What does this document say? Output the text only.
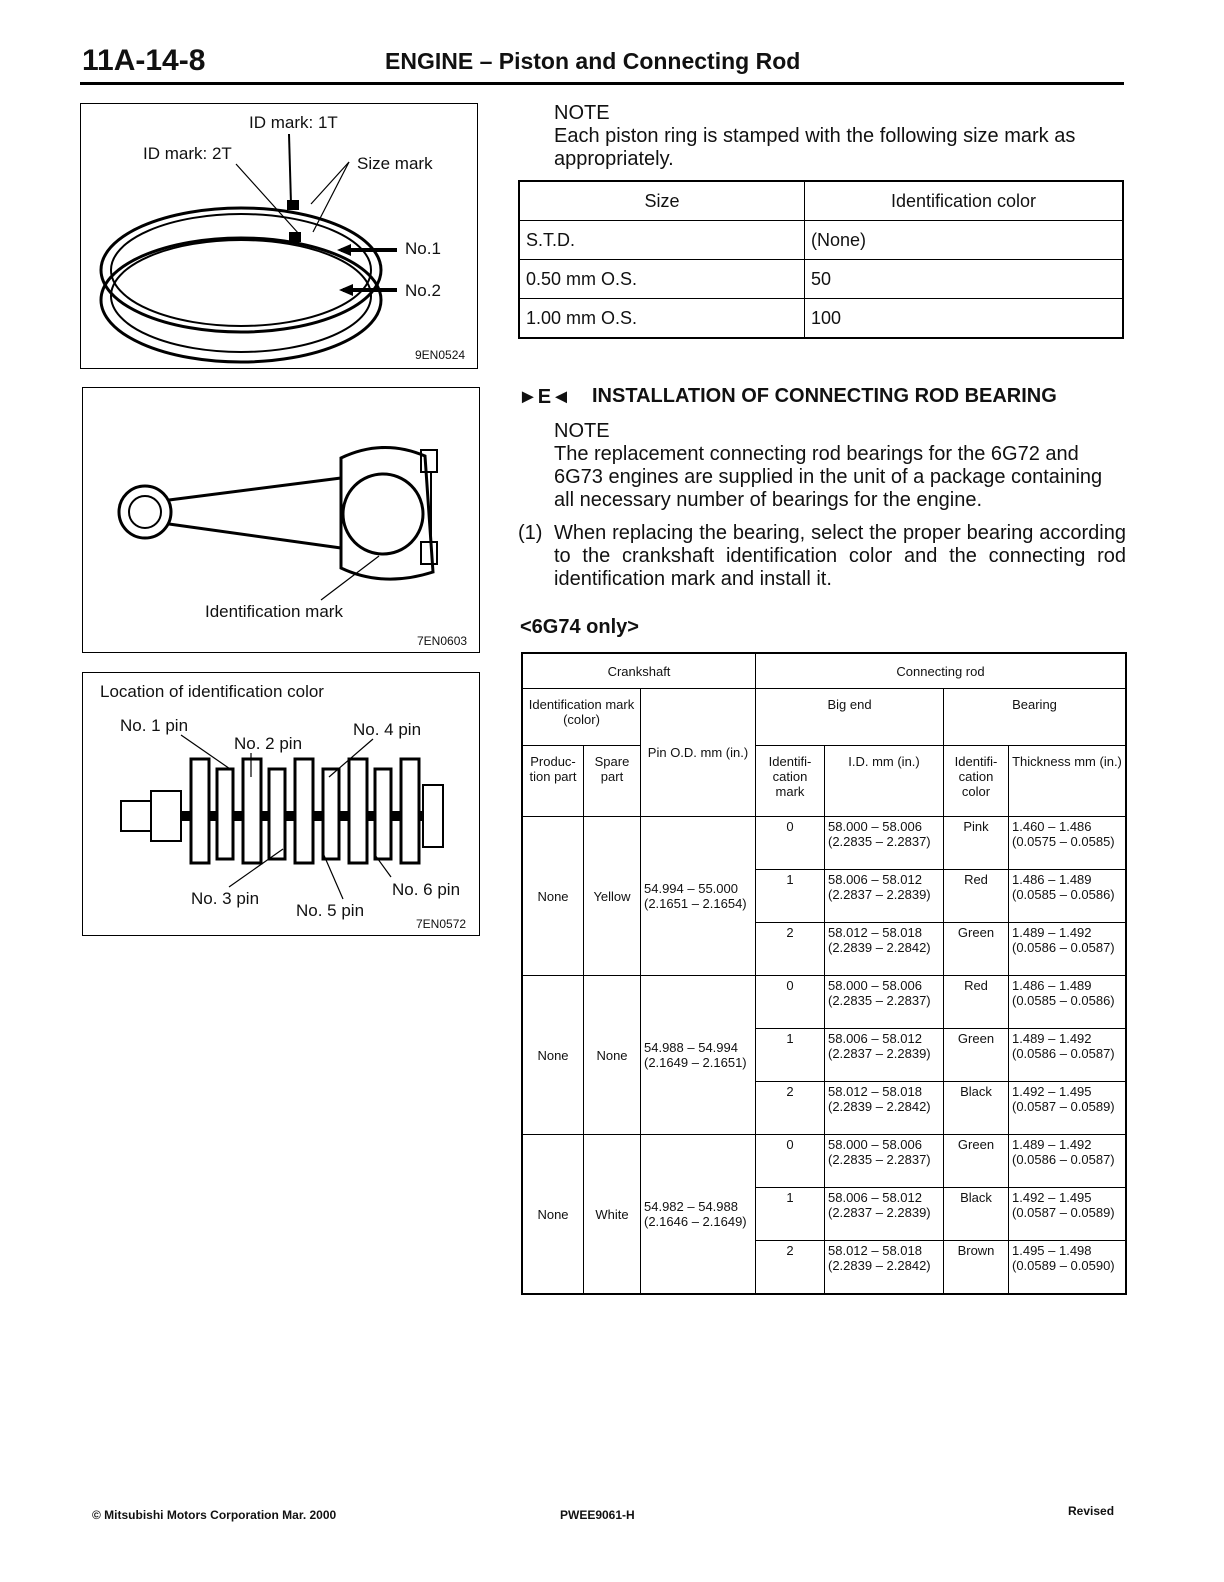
11A-14-8	ENGINE – Piston and Connecting Rod
ID mark: 1T
ID mark: 2T
Size mark
No.1
No.2
9EN0524
Identification mark
7EN0603
Location of identification color
No. 1 pin
No. 2 pin
No. 4 pin
No. 3 pin
No. 5 pin
No. 6 pin
7EN0572
NOTE
Each piston ring is stamped with the following size mark as appropriately.
Size	Identification color
S.T.D.	(None)
0.50 mm O.S.	50
1.00 mm O.S.	100
►E◄ INSTALLATION OF CONNECTING ROD BEARING
NOTE
The replacement connecting rod bearings for the 6G72 and 6G73 engines are supplied in the unit of a package containing all necessary number of bearings for the engine.
(1) When replacing the bearing, select the proper bearing according to the crankshaft identification color and the connecting rod identification mark and install it.
<6G74 only>
Crankshaft			Connecting rod			
Identification mark (color)		Pin O.D. mm (in.)	Big end		Bearing	
Produc- tion part	Spare part		Identifi- cation mark	I.D. mm (in.)	Identifi- cation color	Thickness mm (in.)
None	Yellow	54.994 – 55.000 (2.1651 – 2.1654)	0	58.000 – 58.006 (2.2835 – 2.2837)	Pink	1.460 – 1.486 (0.0575 – 0.0585)
			1	58.006 – 58.012 (2.2837 – 2.2839)	Red	1.486 – 1.489 (0.0585 – 0.0586)
			2	58.012 – 58.018 (2.2839 – 2.2842)	Green	1.489 – 1.492 (0.0586 – 0.0587)
None	None	54.988 – 54.994 (2.1649 – 2.1651)	0	58.000 – 58.006 (2.2835 – 2.2837)	Red	1.486 – 1.489 (0.0585 – 0.0586)
			1	58.006 – 58.012 (2.2837 – 2.2839)	Green	1.489 – 1.492 (0.0586 – 0.0587)
			2	58.012 – 58.018 (2.2839 – 2.2842)	Black	1.492 – 1.495 (0.0587 – 0.0589)
None	White	54.982 – 54.988 (2.1646 – 2.1649)	0	58.000 – 58.006 (2.2835 – 2.2837)	Green	1.489 – 1.492 (0.0586 – 0.0587)
			1	58.006 – 58.012 (2.2837 – 2.2839)	Black	1.492 – 1.495 (0.0587 – 0.0589)
			2	58.012 – 58.018 (2.2839 – 2.2842)	Brown	1.495 – 1.498 (0.0589 – 0.0590)
© Mitsubishi Motors Corporation Mar. 2000	PWEE9061-H	Revised
